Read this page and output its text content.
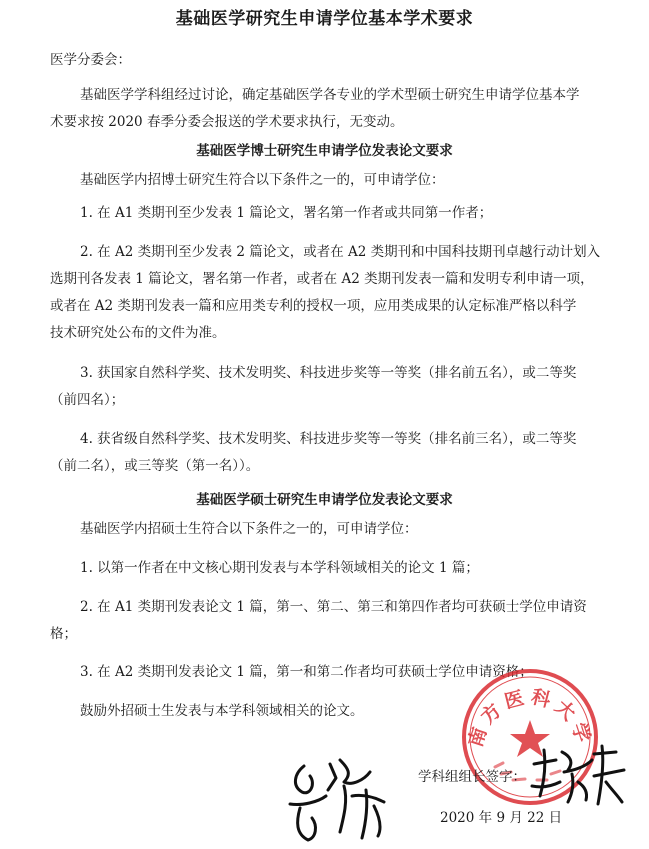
基础医学研究生申请学位基本学术要求

医学分委会：

基础医学学科组经过讨论，确定基础医学各专业的学术型硕士研究生申请学位基本学

术要求按 2020 春季分委会报送的学术要求执行，无变动。

基础医学博士研究生申请学位发表论文要求

基础医学内招博士研究生符合以下条件之一的，可申请学位：

1. 在 A1 类期刊至少发表 1 篇论文，署名第一作者或共同第一作者；

2. 在 A2 类期刊至少发表 2 篇论文，或者在 A2 类期刊和中国科技期刊卓越行动计划入

选期刊各发表 1 篇论文，署名第一作者，或者在 A2 类期刊发表一篇和发明专利申请一项，

或者在 A2 类期刊发表一篇和应用类专利的授权一项，应用类成果的认定标准严格以科学

技术研究处公布的文件为准。

3. 获国家自然科学奖、技术发明奖、科技进步奖等一等奖（排名前五名），或二等奖

（前四名）；

4. 获省级自然科学奖、技术发明奖、科技进步奖等一等奖（排名前三名），或二等奖

（前二名），或三等奖（第一名））。

基础医学硕士研究生申请学位发表论文要求

基础医学内招硕士生符合以下条件之一的，可申请学位：

1. 以第一作者在中文核心期刊发表与本学科领域相关的论文 1 篇；

2. 在 A1 类期刊发表论文 1 篇，第一、第二、第三和第四作者均可获硕士学位申请资

格；

3. 在 A2 类期刊发表论文 1 篇，第一和第二作者均可获硕士学位申请资格；

鼓励外招硕士生发表与本学科领域相关的论文。

南方医科大学

学科组组长签字：

2020 年 9 月 22 日
